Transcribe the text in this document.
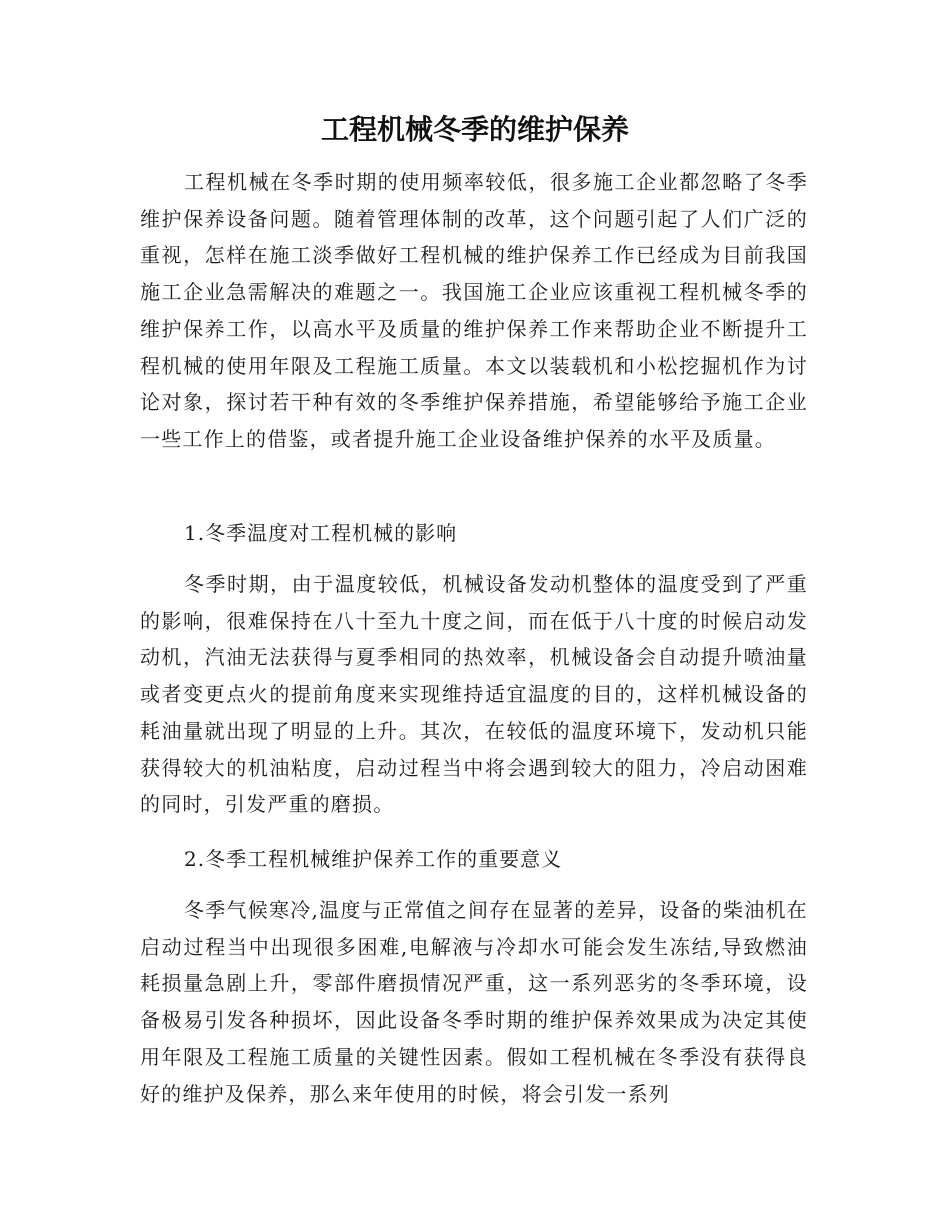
工程机械冬季的维护保养

工程机械在冬季时期的使用频率较低，很多施工企业都忽略了冬季维护保养设备问题。随着管理体制的改革，这个问题引起了人们广泛的重视，怎样在施工淡季做好工程机械的维护保养工作已经成为目前我国施工企业急需解决的难题之一。我国施工企业应该重视工程机械冬季的维护保养工作，以高水平及质量的维护保养工作来帮助企业不断提升工程机械的使用年限及工程施工质量。本文以装载机和小松挖掘机作为讨论对象，探讨若干种有效的冬季维护保养措施，希望能够给予施工企业一些工作上的借鉴，或者提升施工企业设备维护保养的水平及质量。

1.冬季温度对工程机械的影响

冬季时期，由于温度较低，机械设备发动机整体的温度受到了严重的影响，很难保持在八十至九十度之间，而在低于八十度的时候启动发动机，汽油无法获得与夏季相同的热效率，机械设备会自动提升喷油量或者变更点火的提前角度来实现维持适宜温度的目的，这样机械设备的耗油量就出现了明显的上升。其次，在较低的温度环境下，发动机只能获得较大的机油粘度，启动过程当中将会遇到较大的阻力，冷启动困难的同时，引发严重的磨损。

2.冬季工程机械维护保养工作的重要意义

冬季气候寒冷,温度与正常值之间存在显著的差异，设备的柴油机在启动过程当中出现很多困难,电解液与冷却水可能会发生冻结,导致燃油耗损量急剧上升，零部件磨损情况严重，这一系列恶劣的冬季环境，设备极易引发各种损坏，因此设备冬季时期的维护保养效果成为决定其使用年限及工程施工质量的关键性因素。假如工程机械在冬季没有获得良好的维护及保养，那么来年使用的时候，将会引发一系列
